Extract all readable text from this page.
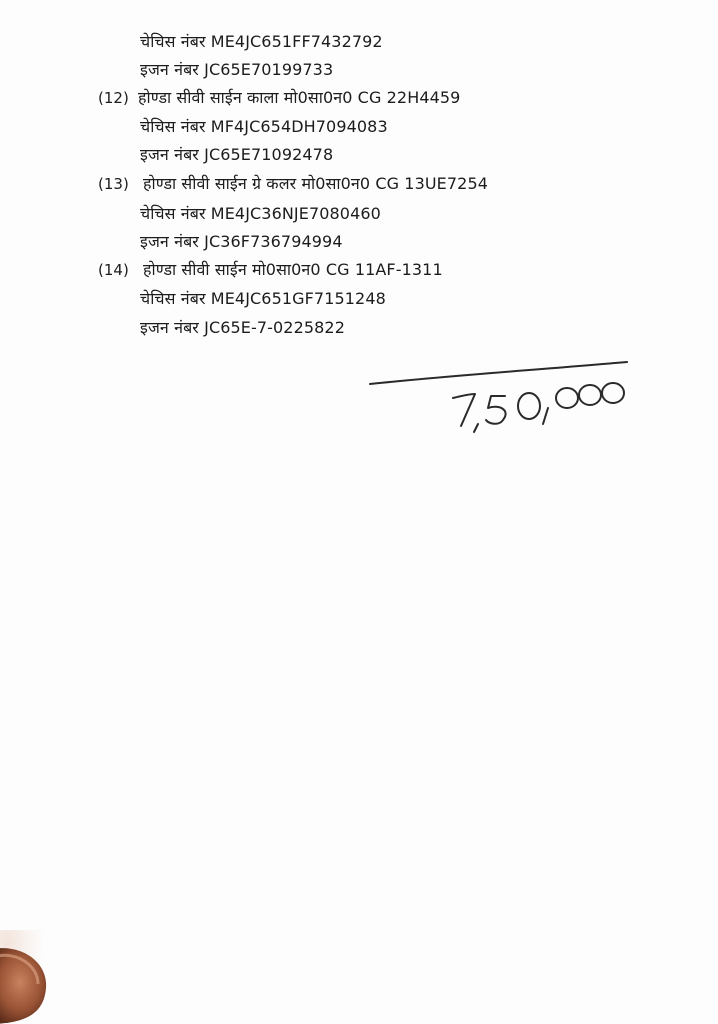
चेचिस नंबर ME4JC651FF7432792
इजन नंबर JC65E70199733
(12) होण्डा सीवी साईन काला मो0सा0न0 CG 22H4459
चेचिस नंबर MF4JC654DH7094083
इजन नंबर JC65E71092478
(13) होण्डा सीवी साईन ग्रे कलर मो0सा0न0 CG 13UE7254
चेचिस नंबर ME4JC36NJE7080460
इजन नंबर JC36F736794994
(14) होण्डा सीवी साईन मो0सा0न0 CG 11AF-1311
चेचिस नंबर ME4JC651GF7151248
इजन नंबर JC65E-7-0225822
